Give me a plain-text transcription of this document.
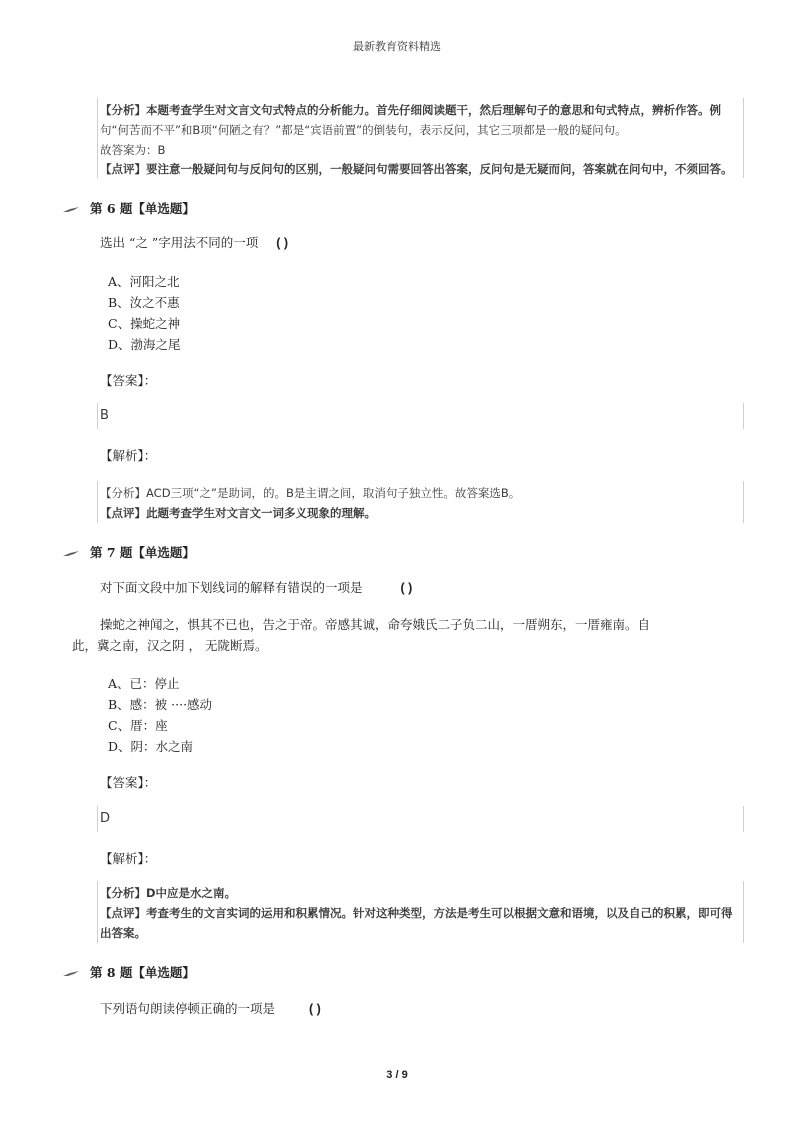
最新教育资料精选
【分析】本题考查学生对文言文句式特点的分析能力。首先仔细阅读题干，然后理解句子的意思和句式特点，辨析作答。例
句“何苦而不平”和B项“何陋之有？”都是“宾语前置”的倒装句，表示反问，其它三项都是一般的疑问句。
故答案为：B
【点评】要注意一般疑问句与反问句的区别，一般疑问句需要回答出答案，反问句是无疑而问，答案就在问句中，不须回答。
第 6 题【单选题】
选出 “之 ”字用法不同的一项 ( )
A、河阳之北
B、汝之不惠
C、操蛇之神
D、渤海之尾
【答案】：
B
【解析】：
【分析】ACD三项“之”是助词，的。B是主谓之间，取消句子独立性。故答案选B。
【点评】此题考查学生对文言文一词多义现象的理解。
第 7 题【单选题】
对下面文段中加下划线词的解释有错误的一项是	( )
操蛇之神闻之，惧其不已也，告之于帝。帝感其诚，命夸娥氏二子负二山，一厝朔东，一厝雍南。自
此，冀之南，汉之阴 ， 无陇断焉。
A、已：停止
B、感：被 ····感动
C、厝：座
D、阴：水之南
【答案】：
D
【解析】：
【分析】D中应是水之南。
【点评】考查考生的文言实词的运用和积累情况。针对这种类型，方法是考生可以根据文意和语境，以及自己的积累，即可得
出答案。
第 8 题【单选题】
下列语句朗读停顿正确的一项是	( )
3 / 9
